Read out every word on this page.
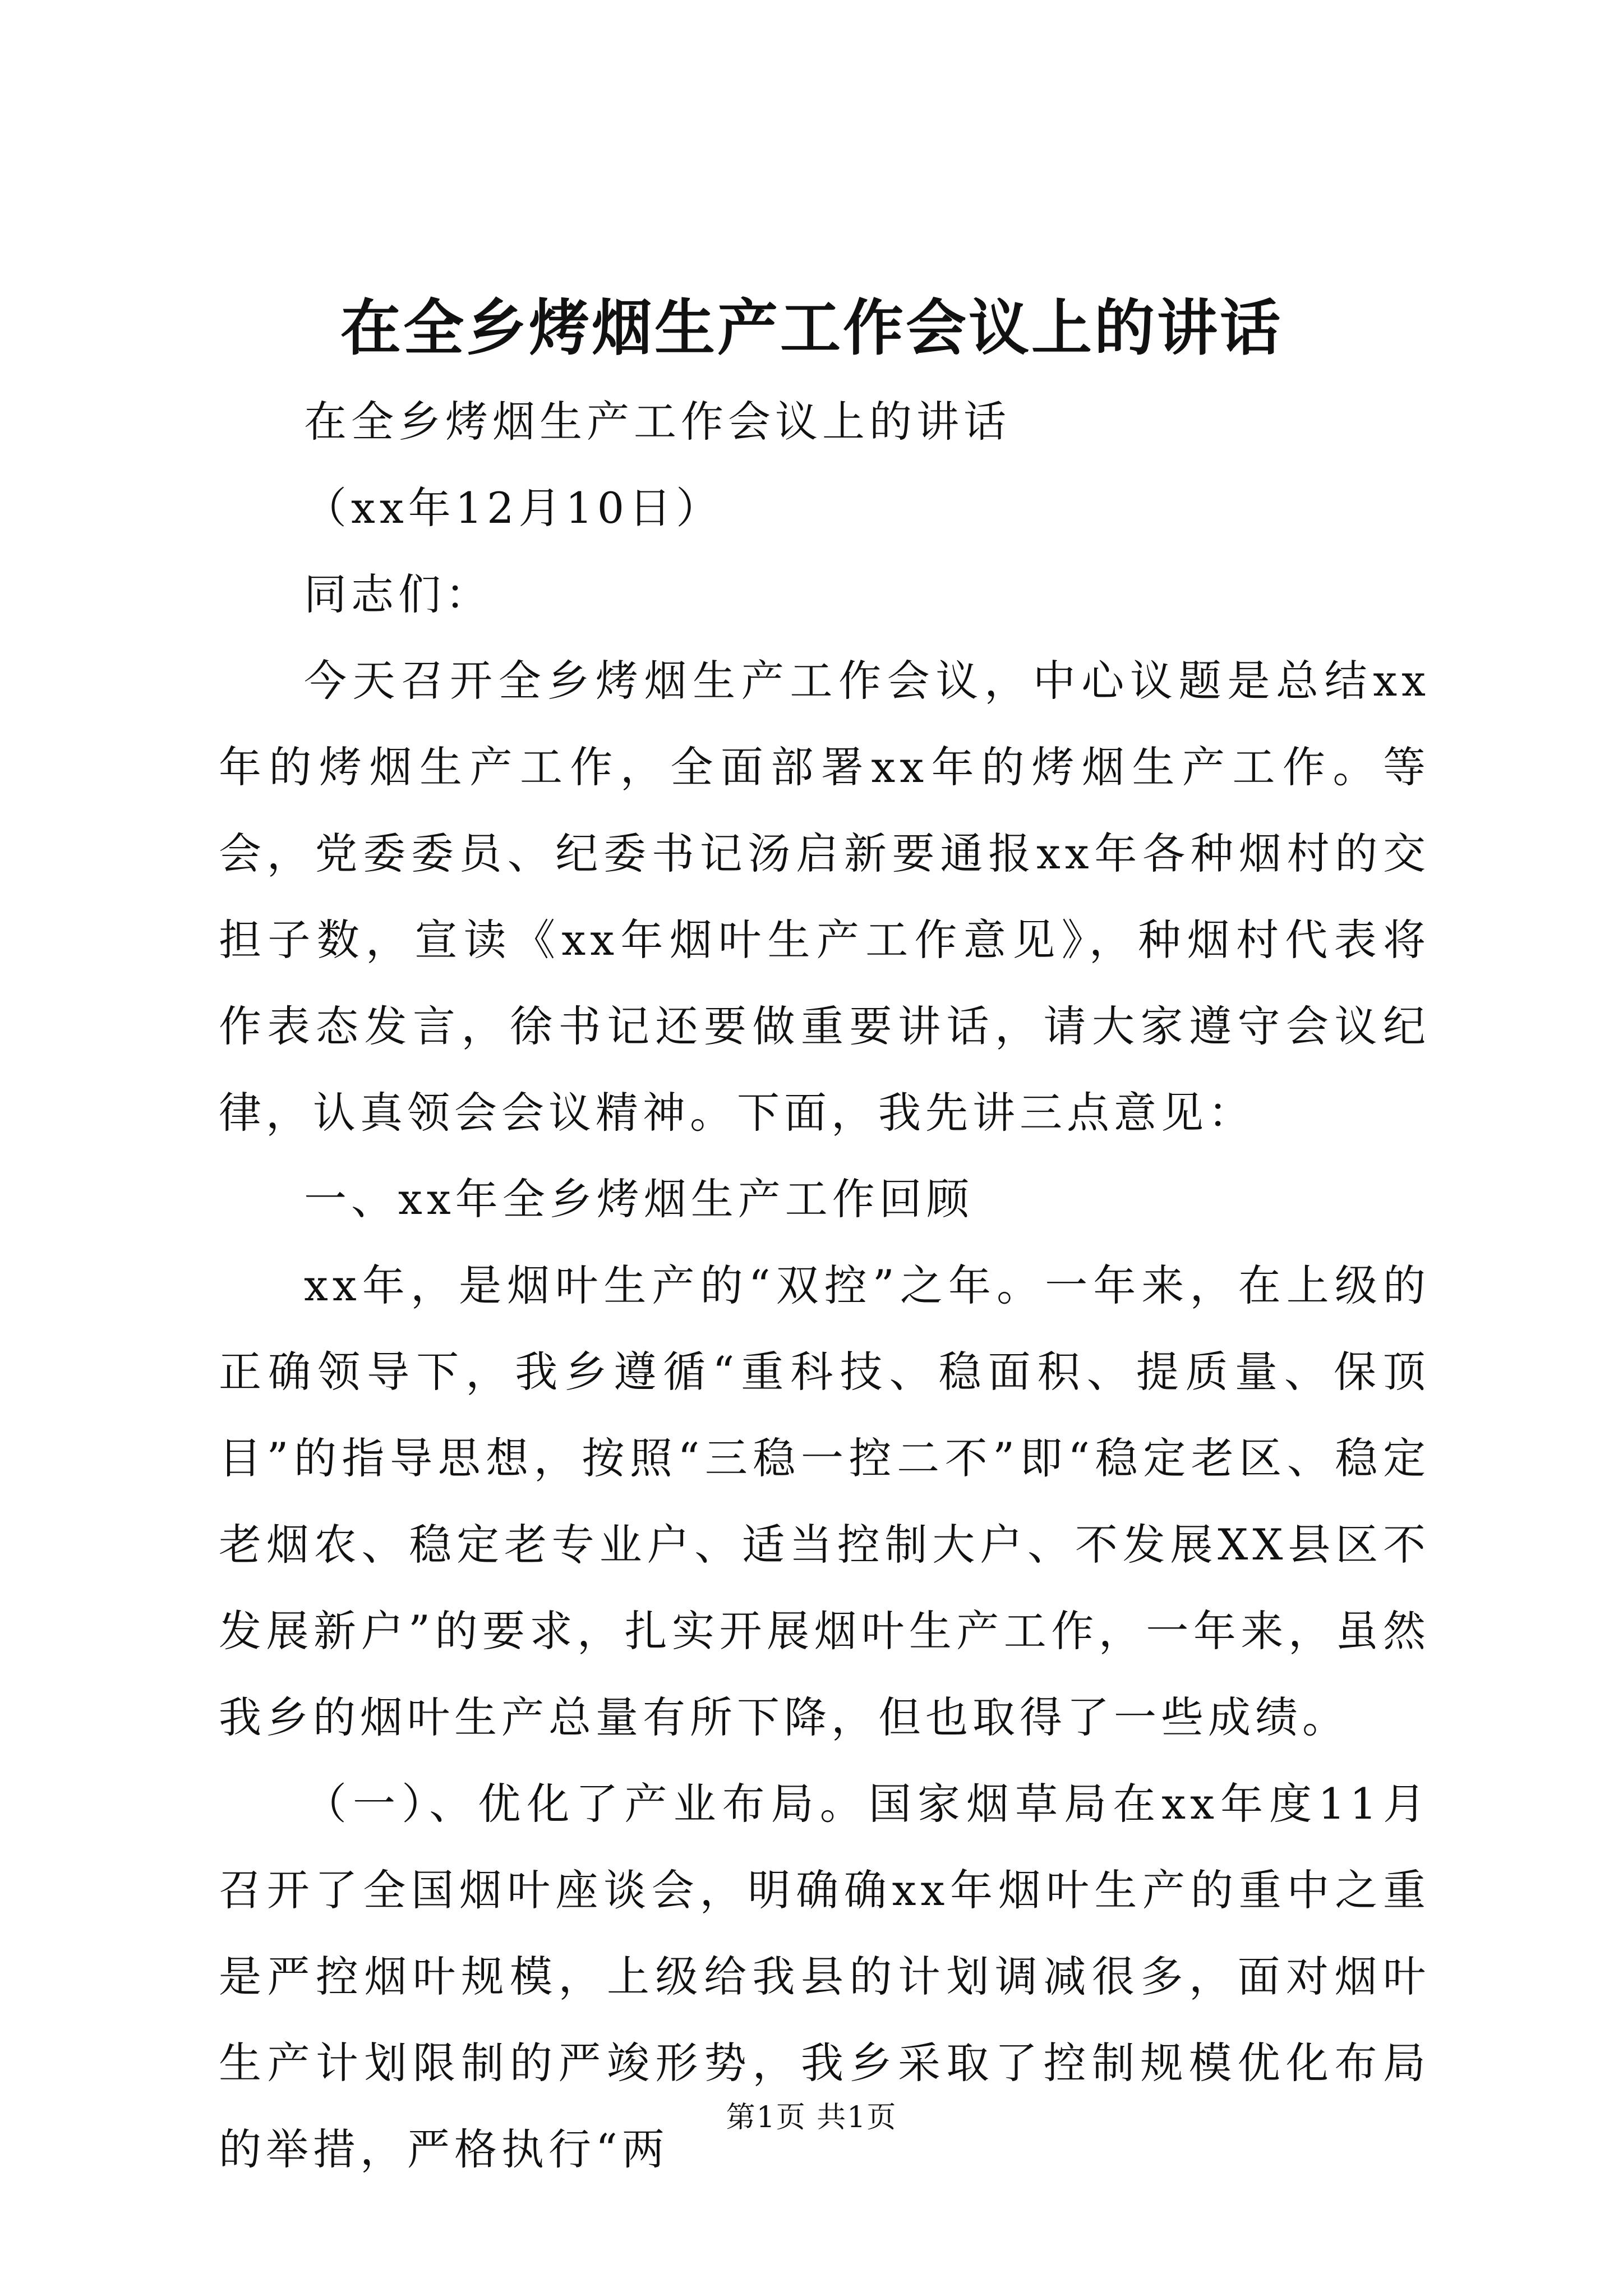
在全乡烤烟生产工作会议上的讲话

在全乡烤烟生产工作会议上的讲话

（xx年12月10日）

同志们：

今天召开全乡烤烟生产工作会议，中心议题是总结xx年的烤烟生产工作，全面部署xx年的烤烟生产工作。等会，党委委员、纪委书记汤启新要通报xx年各种烟村的交担子数，宣读《xx年烟叶生产工作意见》，种烟村代表将作表态发言，徐书记还要做重要讲话，请大家遵守会议纪律，认真领会会议精神。下面，我先讲三点意见：

一、xx年全乡烤烟生产工作回顾

xx年，是烟叶生产的“双控”之年。一年来，在上级的正确领导下，我乡遵循“重科技、稳面积、提质量、保顶目”的指导思想，按照“三稳一控二不”即“稳定老区、稳定老烟农、稳定老专业户、适当控制大户、不发展XX县区不发展新户”的要求，扎实开展烟叶生产工作，一年来，虽然我乡的烟叶生产总量有所下降，但也取得了一些成绩。

（一）、优化了产业布局。国家烟草局在xx年度11月召开了全国烟叶座谈会，明确确xx年烟叶生产的重中之重是严控烟叶规模，上级给我县的计划调减很多，面对烟叶生产计划限制的严竣形势，我乡采取了控制规模优化布局的举措，严格执行“两

第1页 共1页
